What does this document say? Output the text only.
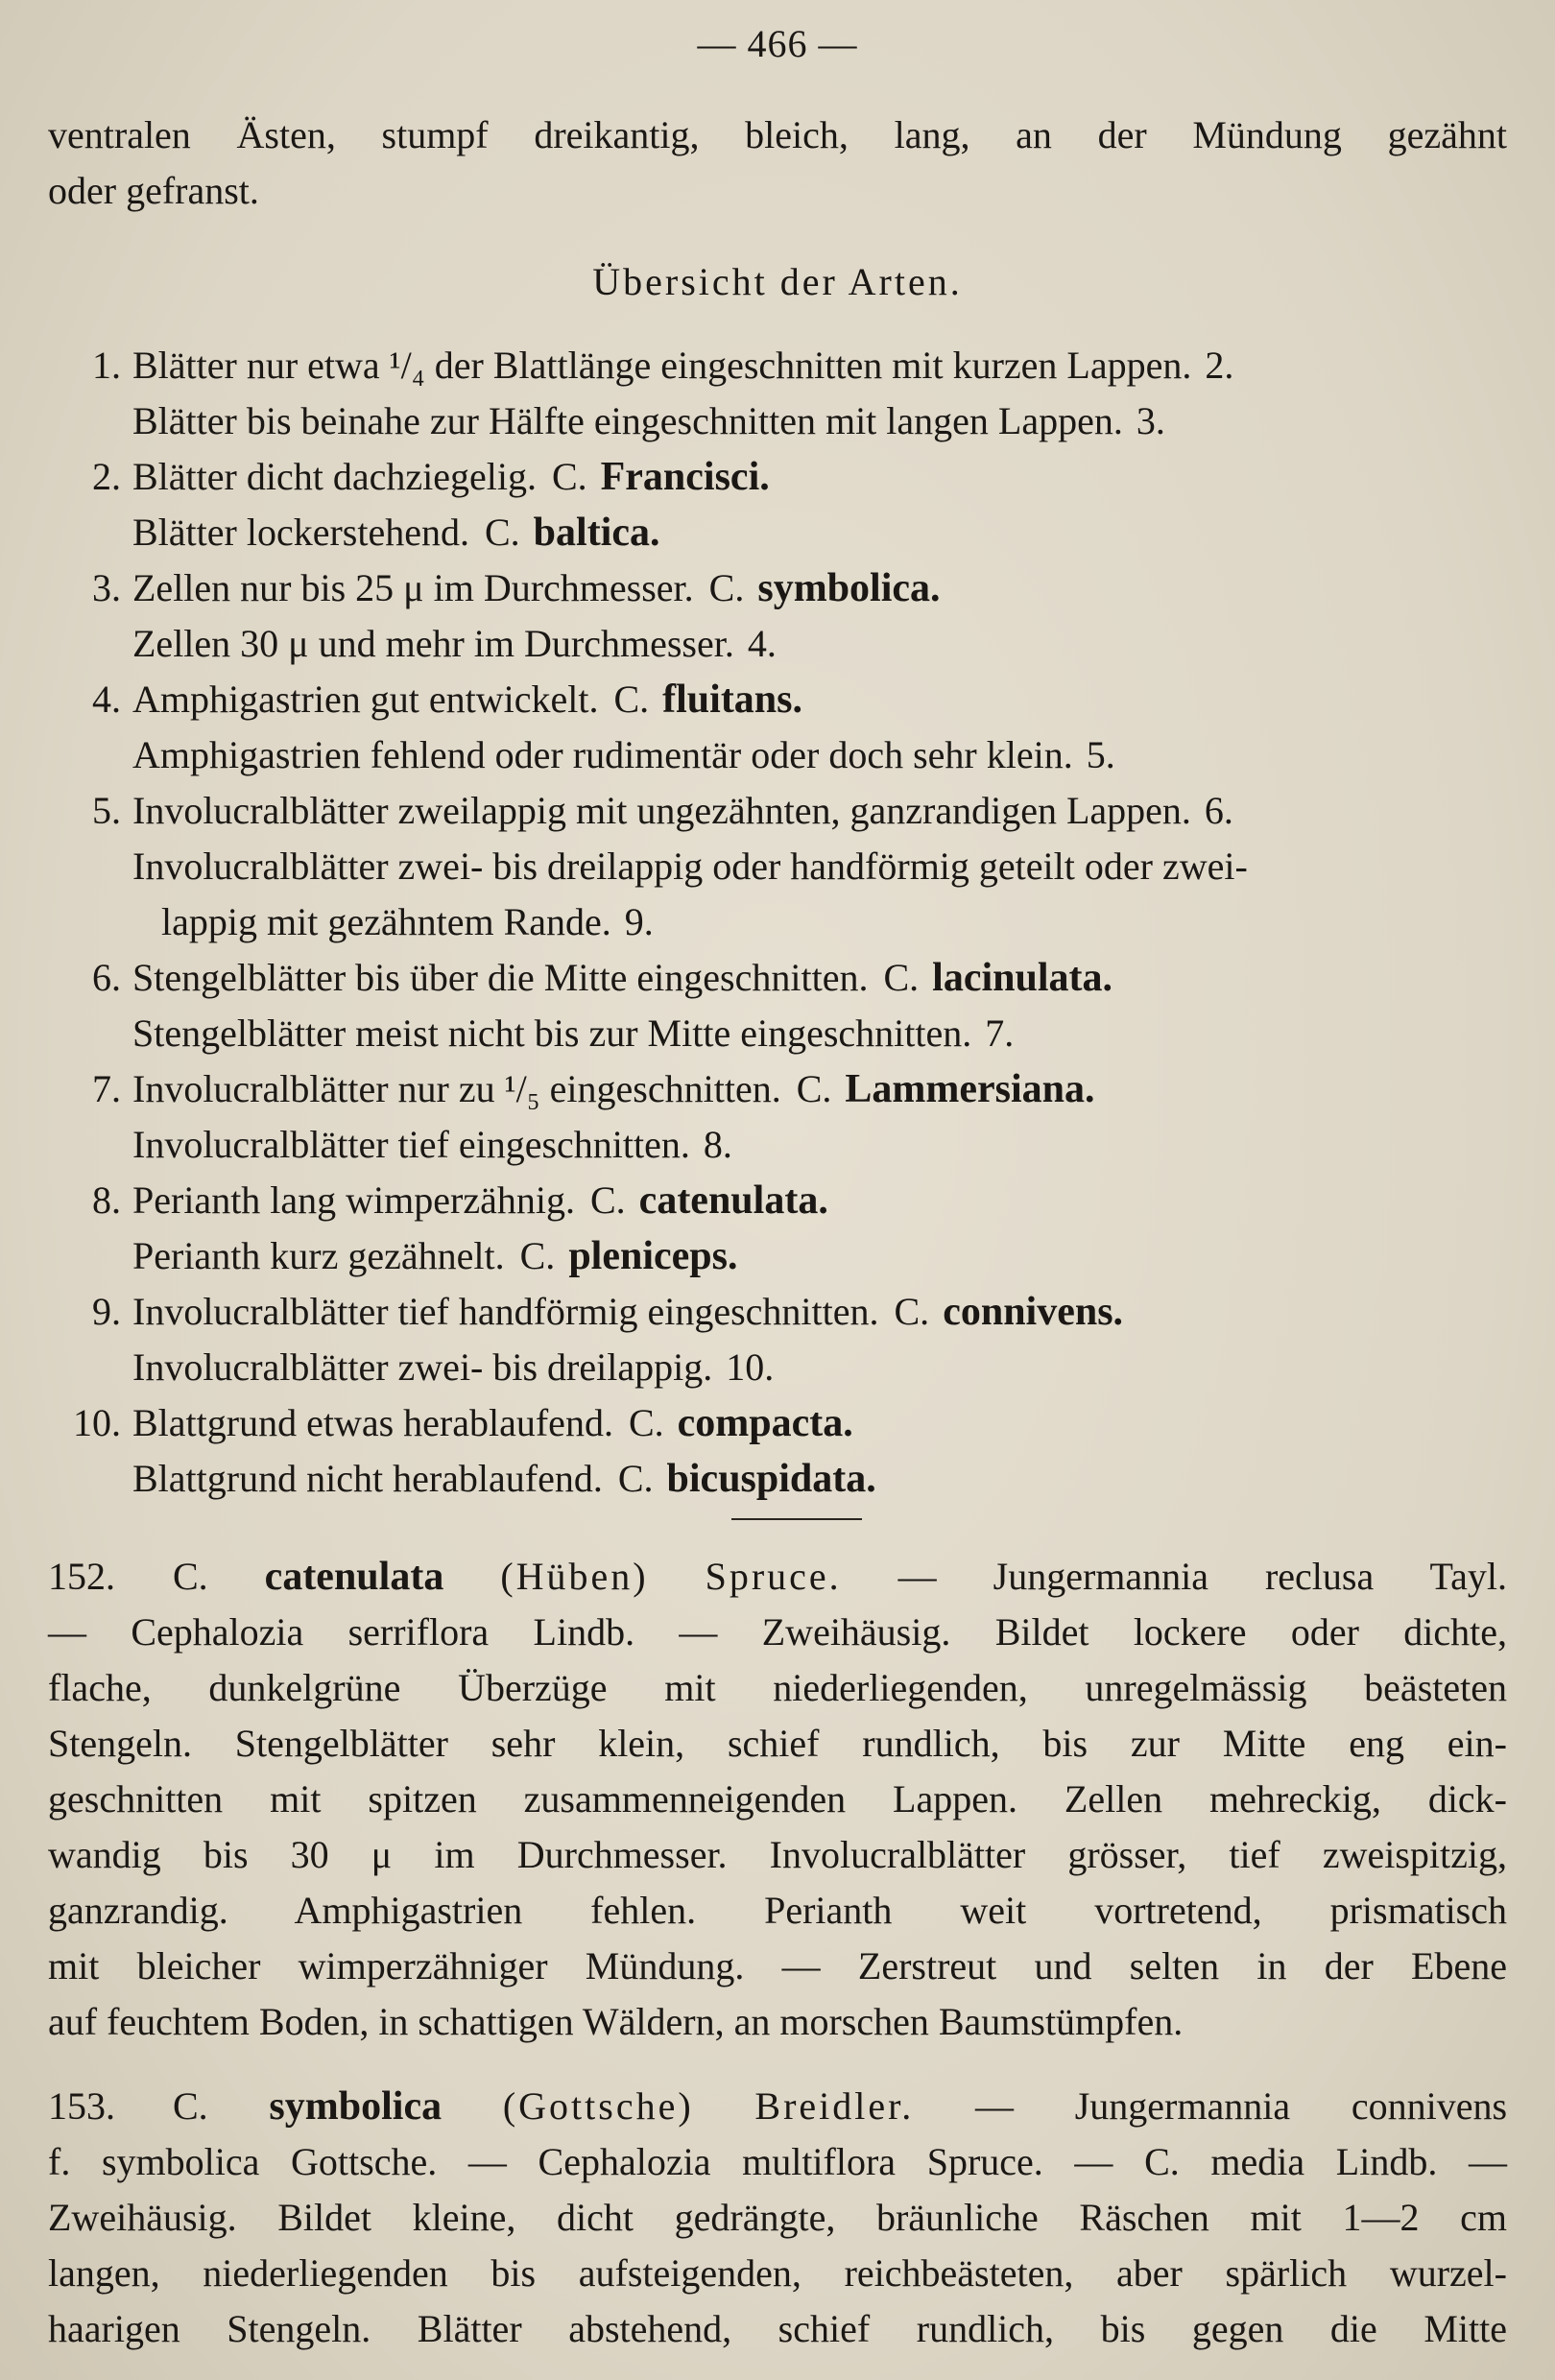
— 466 —
ventralen Ästen, stumpf dreikantig, bleich, lang, an der Mündung gezähnt
oder gefranst.
Übersicht der Arten.
1. Blätter nur etwa ¹/₄ der Blattlänge eingeschnitten mit kurzen Lappen. 2.
Blätter bis beinahe zur Hälfte eingeschnitten mit langen Lappen. 3.
2. Blätter dicht dachziegelig. C. Francisci.
Blätter lockerstehend. C. baltica.
3. Zellen nur bis 25 μ im Durchmesser. C. symbolica.
Zellen 30 μ und mehr im Durchmesser. 4.
4. Amphigastrien gut entwickelt. C. fluitans.
Amphigastrien fehlend oder rudimentär oder doch sehr klein. 5.
5. Involucralblätter zweilappig mit ungezähnten, ganzrandigen Lappen. 6.
Involucralblätter zwei- bis dreilappig oder handförmig geteilt oder zwei-
lappig mit gezähntem Rande. 9.
6. Stengelblätter bis über die Mitte eingeschnitten. C. lacinulata.
Stengelblätter meist nicht bis zur Mitte eingeschnitten. 7.
7. Involucralblätter nur zu ¹/₅ eingeschnitten. C. Lammersiana.
Involucralblätter tief eingeschnitten. 8.
8. Perianth lang wimperzähnig. C. catenulata.
Perianth kurz gezähnelt. C. pleniceps.
9. Involucralblätter tief handförmig eingeschnitten. C. connivens.
Involucralblätter zwei- bis dreilappig. 10.
10. Blattgrund etwas herablaufend. C. compacta.
Blattgrund nicht herablaufend. C. bicuspidata.
152. C. catenulata (Hüben) Spruce. — Jungermannia reclusa Tayl.
— Cephalozia serriflora Lindb. — Zweihäusig. Bildet lockere oder dichte,
flache, dunkelgrüne Überzüge mit niederliegenden, unregelmässig beästeten
Stengeln. Stengelblätter sehr klein, schief rundlich, bis zur Mitte eng ein-
geschnitten mit spitzen zusammenneigenden Lappen. Zellen mehreckig, dick-
wandig bis 30 μ im Durchmesser. Involucralblätter grösser, tief zweispitzig,
ganzrandig. Amphigastrien fehlen. Perianth weit vortretend, prismatisch
mit bleicher wimperzähniger Mündung. — Zerstreut und selten in der Ebene
auf feuchtem Boden, in schattigen Wäldern, an morschen Baumstümpfen.
153. C. symbolica (Gottsche) Breidler. — Jungermannia connivens
f. symbolica Gottsche. — Cephalozia multiflora Spruce. — C. media Lindb. —
Zweihäusig. Bildet kleine, dicht gedrängte, bräunliche Räschen mit 1—2 cm
langen, niederliegenden bis aufsteigenden, reichbeästeten, aber spärlich wurzel-
haarigen Stengeln. Blätter abstehend, schief rundlich, bis gegen die Mitte
